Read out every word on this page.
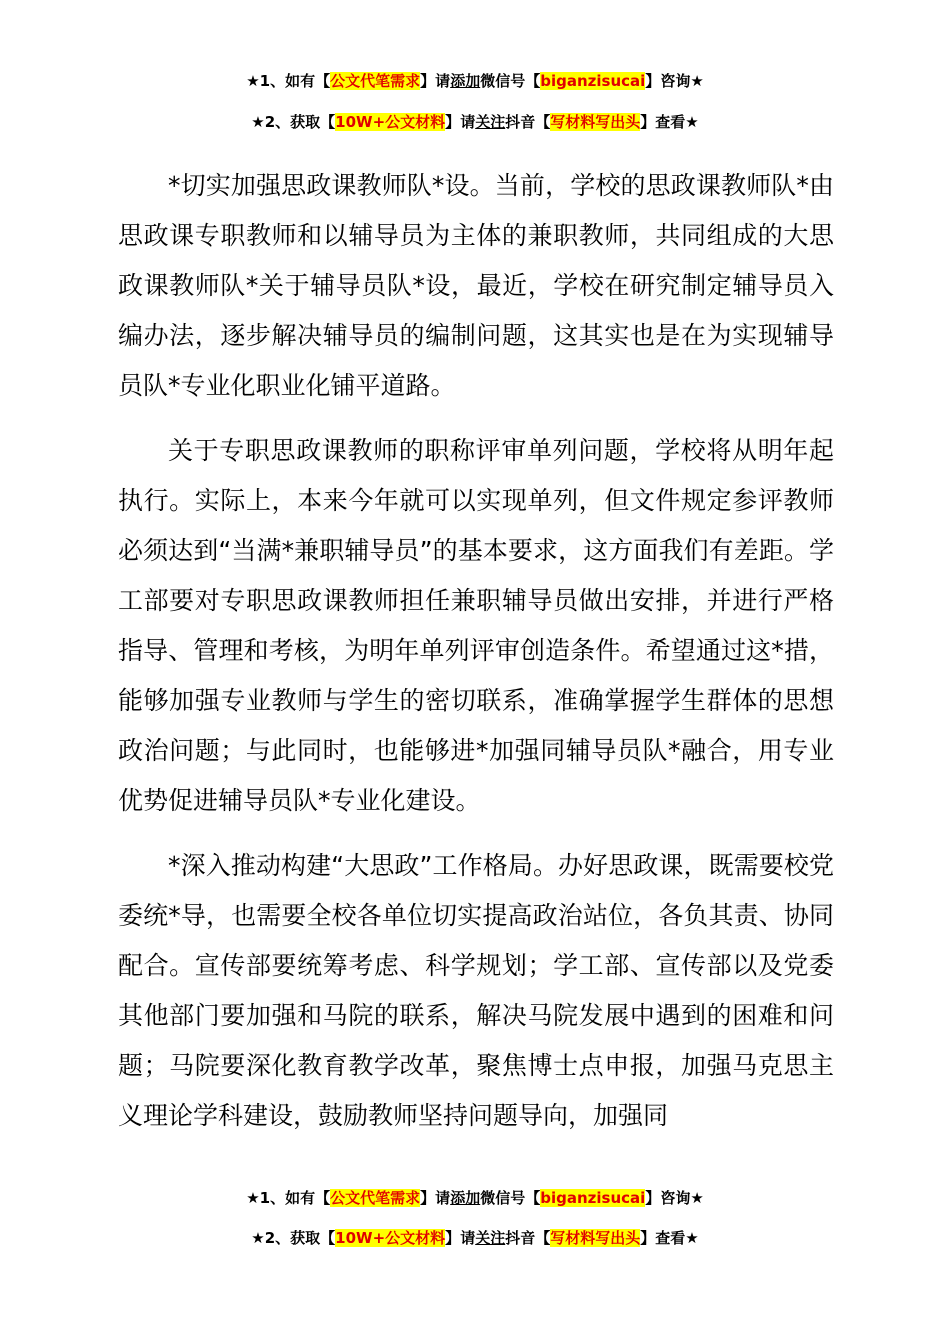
★1、如有【公文代笔需求】请添加微信号【biganzisucai】咨询★
★2、获取【10W+公文材料】请关注抖音【写材料写出头】查看★

*切实加强思政课教师队*设。当前，学校的思政课教师队*由思政课专职教师和以辅导员为主体的兼职教师，共同组成的大思政课教师队*关于辅导员队*设，最近，学校在研究制定辅导员入编办法，逐步解决辅导员的编制问题，这其实也是在为实现辅导员队*专业化职业化铺平道路。

关于专职思政课教师的职称评审单列问题，学校将从明年起执行。实际上，本来今年就可以实现单列，但文件规定参评教师必须达到“当满*兼职辅导员”的基本要求，这方面我们有差距。学工部要对专职思政课教师担任兼职辅导员做出安排，并进行严格指导、管理和考核，为明年单列评审创造条件。希望通过这*措，能够加强专业教师与学生的密切联系，准确掌握学生群体的思想政治问题；与此同时，也能够进*加强同辅导员队*融合，用专业优势促进辅导员队*专业化建设。

*深入推动构建“大思政”工作格局。办好思政课，既需要校党委统*导，也需要全校各单位切实提高政治站位，各负其责、协同配合。宣传部要统筹考虑、科学规划；学工部、宣传部以及党委其他部门要加强和马院的联系，解决马院发展中遇到的困难和问题；马院要深化教育教学改革，聚焦博士点申报，加强马克思主义理论学科建设，鼓励教师坚持问题导向，加强同

★1、如有【公文代笔需求】请添加微信号【biganzisucai】咨询★
★2、获取【10W+公文材料】请关注抖音【写材料写出头】查看★
